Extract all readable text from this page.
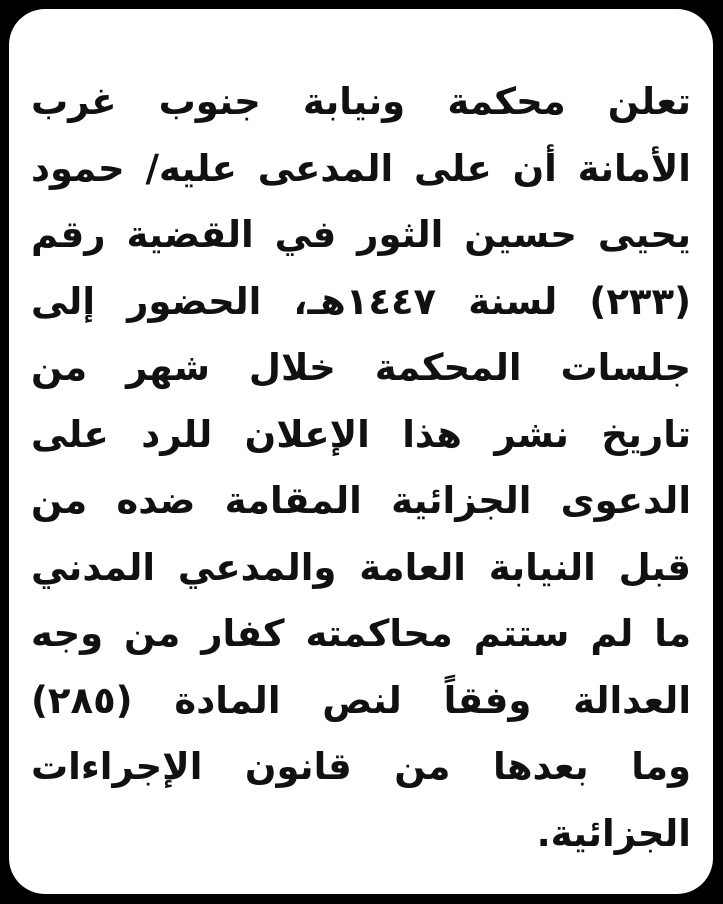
تعلن محكمة ونيابة جنوب غرب
الأمانة أن على المدعى عليه/ حمود
يحيى حسين الثور في القضية رقم
(٢٣٣) لسنة ١٤٤٧هـ، الحضور إلى
جلسات المحكمة خلال شهر من
تاريخ نشر هذا الإعلان للرد على
الدعوى الجزائية المقامة ضده من
قبل النيابة العامة والمدعي المدني
ما لم ستتم محاكمته كفار من وجه
العدالة وفقاً لنص المادة (٢٨٥)
وما بعدها من قانون الإجراءات
الجزائية.
